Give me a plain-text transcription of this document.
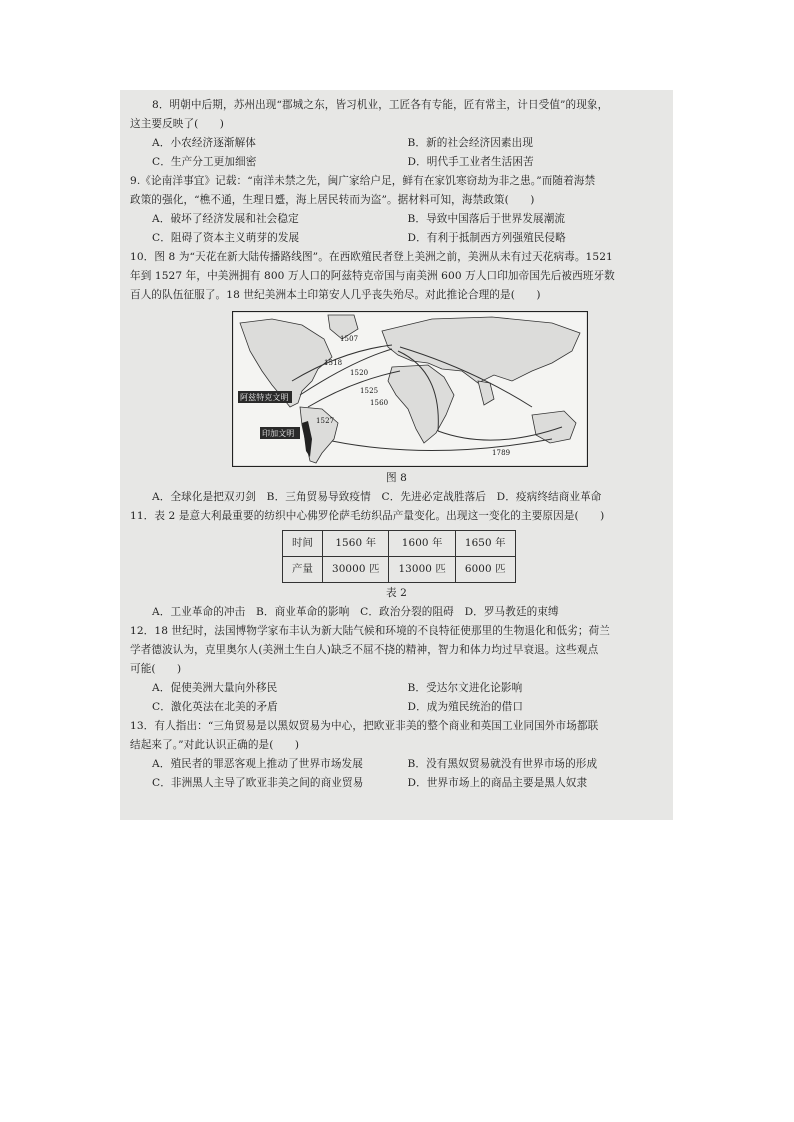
8．明朝中后期，苏州出现“郡城之东，皆习机业，工匠各有专能，匠有常主，计日受值”的现象，

这主要反映了(　　)

A．小农经济逐渐解体	B．新的社会经济因素出现
C．生产分工更加细密	D．明代手工业者生活困苦

9.《论南洋事宜》记载：“南洋未禁之先，闽广家给户足，鲜有在家饥寒窃劫为非之患。”而随着海禁

政策的强化，“樵不通，生理日蹙，海上居民转而为盗”。据材料可知，海禁政策(　　)

A．破坏了经济发展和社会稳定	B．导致中国落后于世界发展潮流
C．阻碍了资本主义萌芽的发展	D．有利于抵制西方列强殖民侵略

10．图 8 为“天花在新大陆传播路线图”。在西欧殖民者登上美洲之前，美洲从未有过天花病毒。1521

年到 1527 年，中美洲拥有 800 万人口的阿兹特克帝国与南美洲 600 万人口印加帝国先后被西班牙数

百人的队伍征服了。18 世纪美洲本土印第安人几乎丧失殆尽。对此推论合理的是(　　)

1507
1518
1520
1525
1560
1789
1527
阿兹特克文明
印加文明
图 8
A．全球化是把双刃剑　B．三角贸易导致疫情　C．先进必定战胜落后　D．疫病终结商业革命

11．表 2 是意大利最重要的纺织中心佛罗伦萨毛纺织品产量变化。出现这一变化的主要原因是(　　)

时间	1560 年	1600 年	1650 年
产量	30000 匹	13000 匹	6000 匹
表 2
A．工业革命的冲击　B．商业革命的影响　C．政治分裂的阻碍　D．罗马教廷的束缚

12．18 世纪时，法国博物学家布丰认为新大陆气候和环境的不良特征使那里的生物退化和低劣；荷兰

学者德波认为，克里奥尔人(美洲土生白人)缺乏不屈不挠的精神，智力和体力均过早衰退。这些观点

可能(　　)

A．促使美洲大量向外移民	B．受达尔文进化论影响
C．激化英法在北美的矛盾	D．成为殖民统治的借口

13．有人指出：“三角贸易是以黑奴贸易为中心，把欧亚非美的整个商业和英国工业同国外市场都联

结起来了。”对此认识正确的是(　　)

A．殖民者的罪恶客观上推动了世界市场发展	B．没有黑奴贸易就没有世界市场的形成
C．非洲黑人主导了欧亚非美之间的商业贸易	D．世界市场上的商品主要是黑人奴隶
